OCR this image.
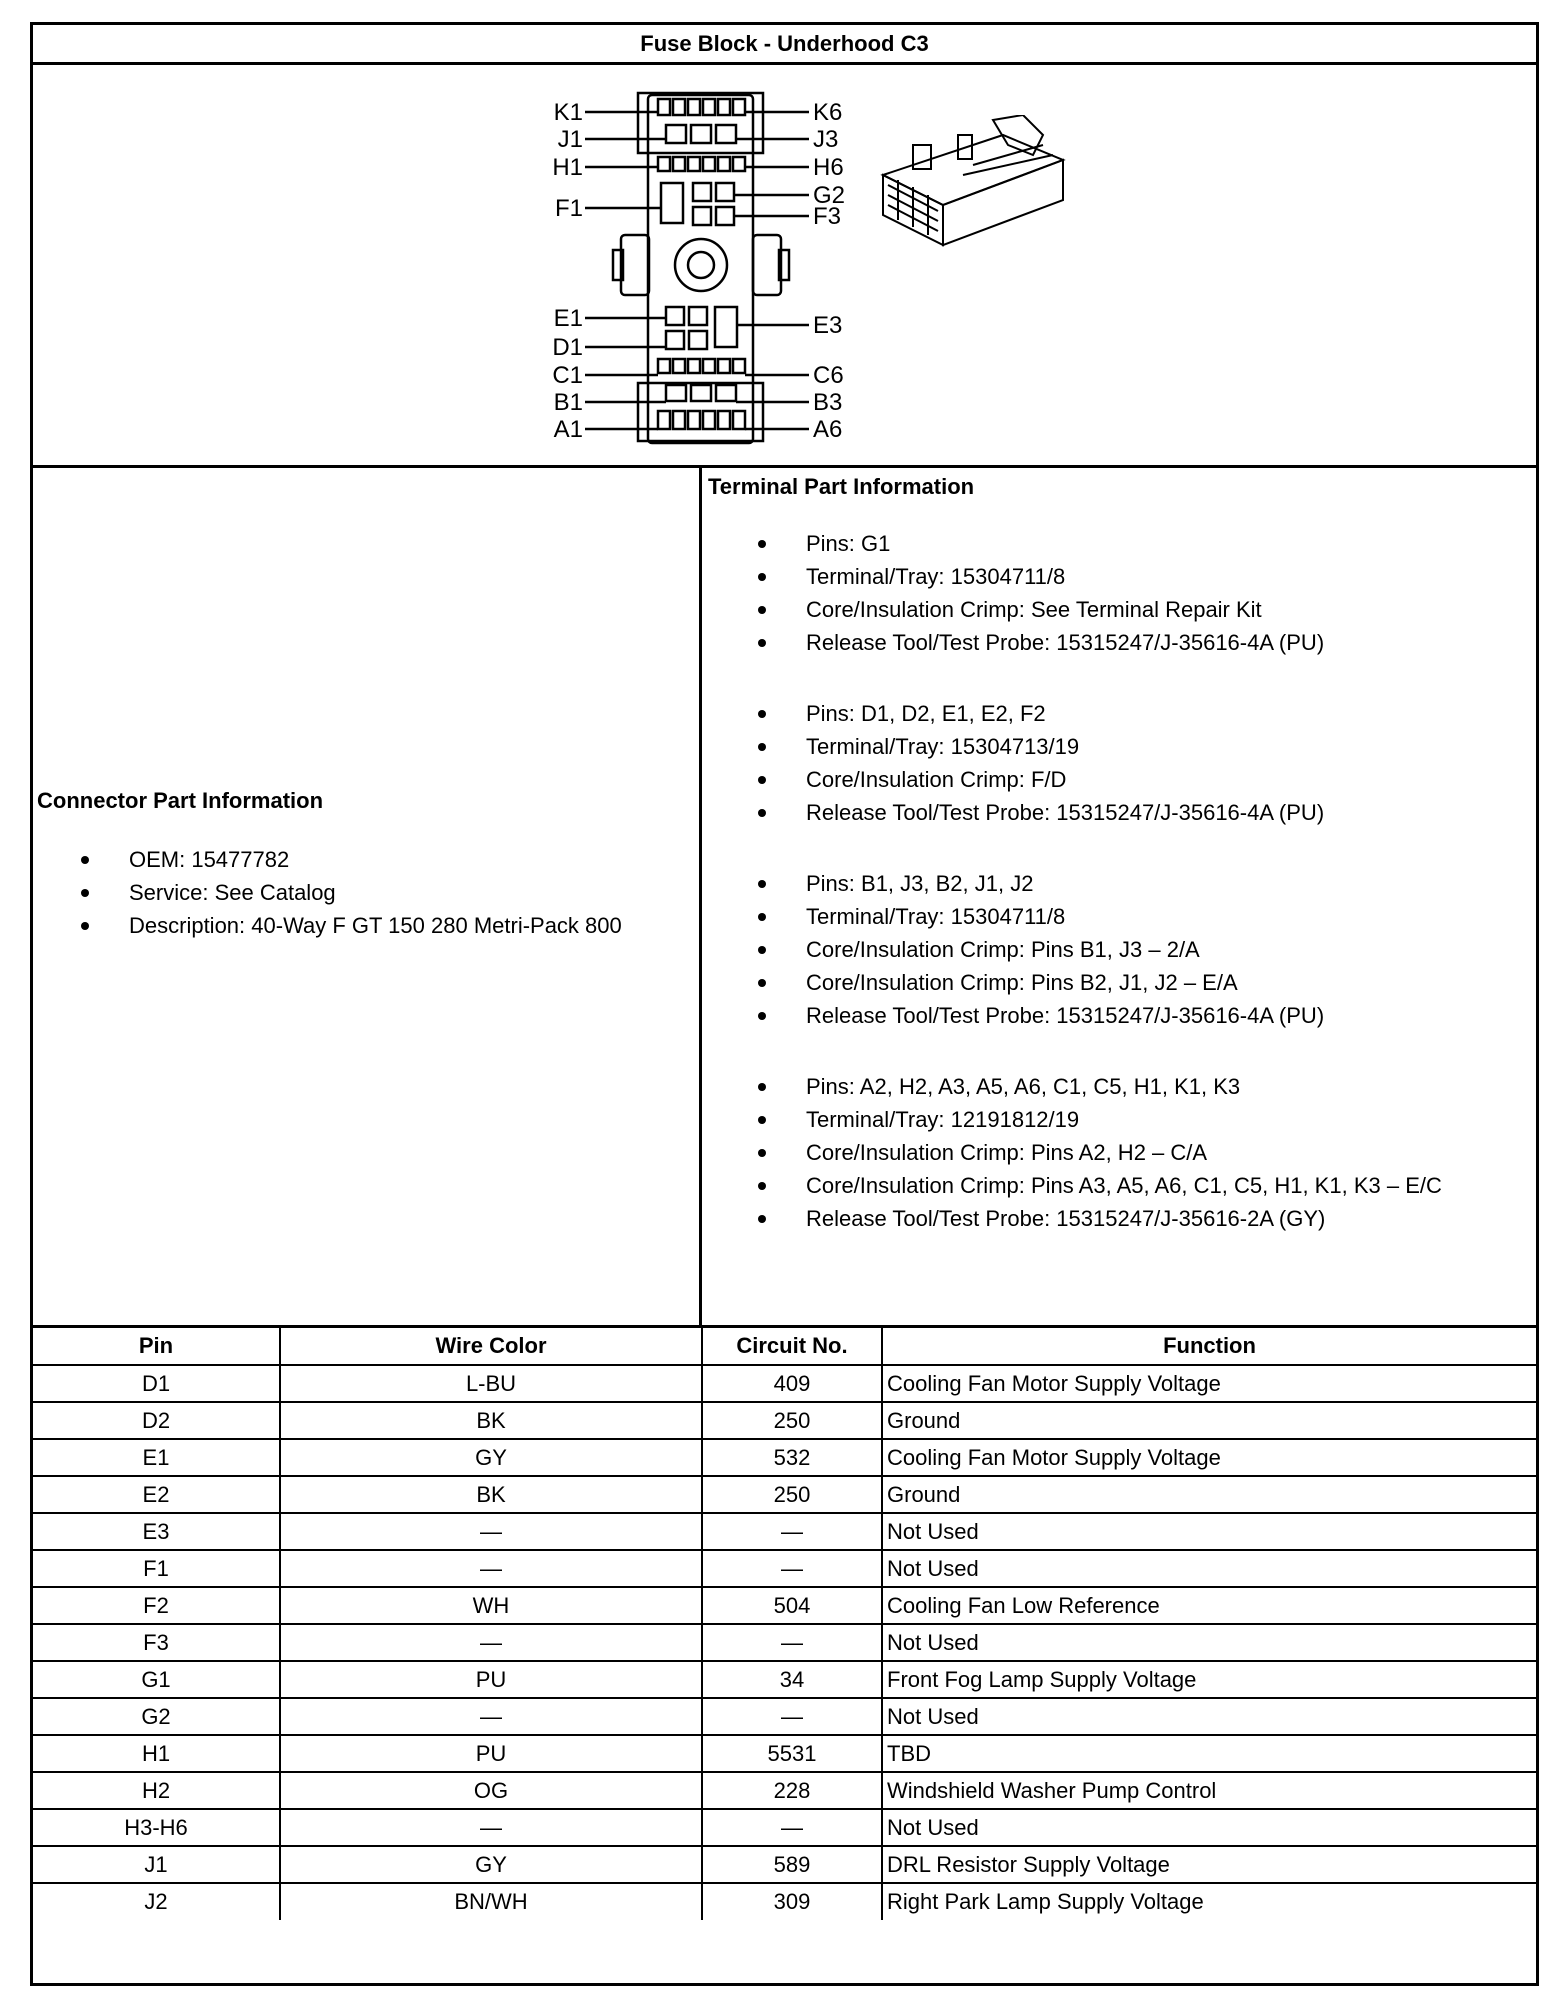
Fuse Block - Underhood C3
K1
J1
H1
F1
E1
D1
C1
B1
A1
K6
J3
H6
G2
F3
E3
C6
B3
A6
Connector Part Information
OEM: 15477782
Service: See Catalog
Description: 40-Way F GT 150 280 Metri-Pack 800
Terminal Part Information
Pins: G1
Terminal/Tray: 15304711/8
Core/Insulation Crimp: See Terminal Repair Kit
Release Tool/Test Probe: 15315247/J-35616-4A (PU)
Pins: D1, D2, E1, E2, F2
Terminal/Tray: 15304713/19
Core/Insulation Crimp: F/D
Release Tool/Test Probe: 15315247/J-35616-4A (PU)
Pins: B1, J3, B2, J1, J2
Terminal/Tray: 15304711/8
Core/Insulation Crimp: Pins B1, J3 – 2/A
Core/Insulation Crimp: Pins B2, J1, J2 – E/A
Release Tool/Test Probe: 15315247/J-35616-4A (PU)
Pins: A2, H2, A3, A5, A6, C1, C5, H1, K1, K3
Terminal/Tray: 12191812/19
Core/Insulation Crimp: Pins A2, H2 – C/A
Core/Insulation Crimp: Pins A3, A5, A6, C1, C5, H1, K1, K3 – E/C
Release Tool/Test Probe: 15315247/J-35616-2A (GY)
Pin	Wire Color	Circuit No.	Function
D1	L-BU	409	Cooling Fan Motor Supply Voltage
D2	BK	250	Ground
E1	GY	532	Cooling Fan Motor Supply Voltage
E2	BK	250	Ground
E3	—	—	Not Used
F1	—	—	Not Used
F2	WH	504	Cooling Fan Low Reference
F3	—	—	Not Used
G1	PU	34	Front Fog Lamp Supply Voltage
G2	—	—	Not Used
H1	PU	5531	TBD
H2	OG	228	Windshield Washer Pump Control
H3-H6	—	—	Not Used
J1	GY	589	DRL Resistor Supply Voltage
J2	BN/WH	309	Right Park Lamp Supply Voltage
